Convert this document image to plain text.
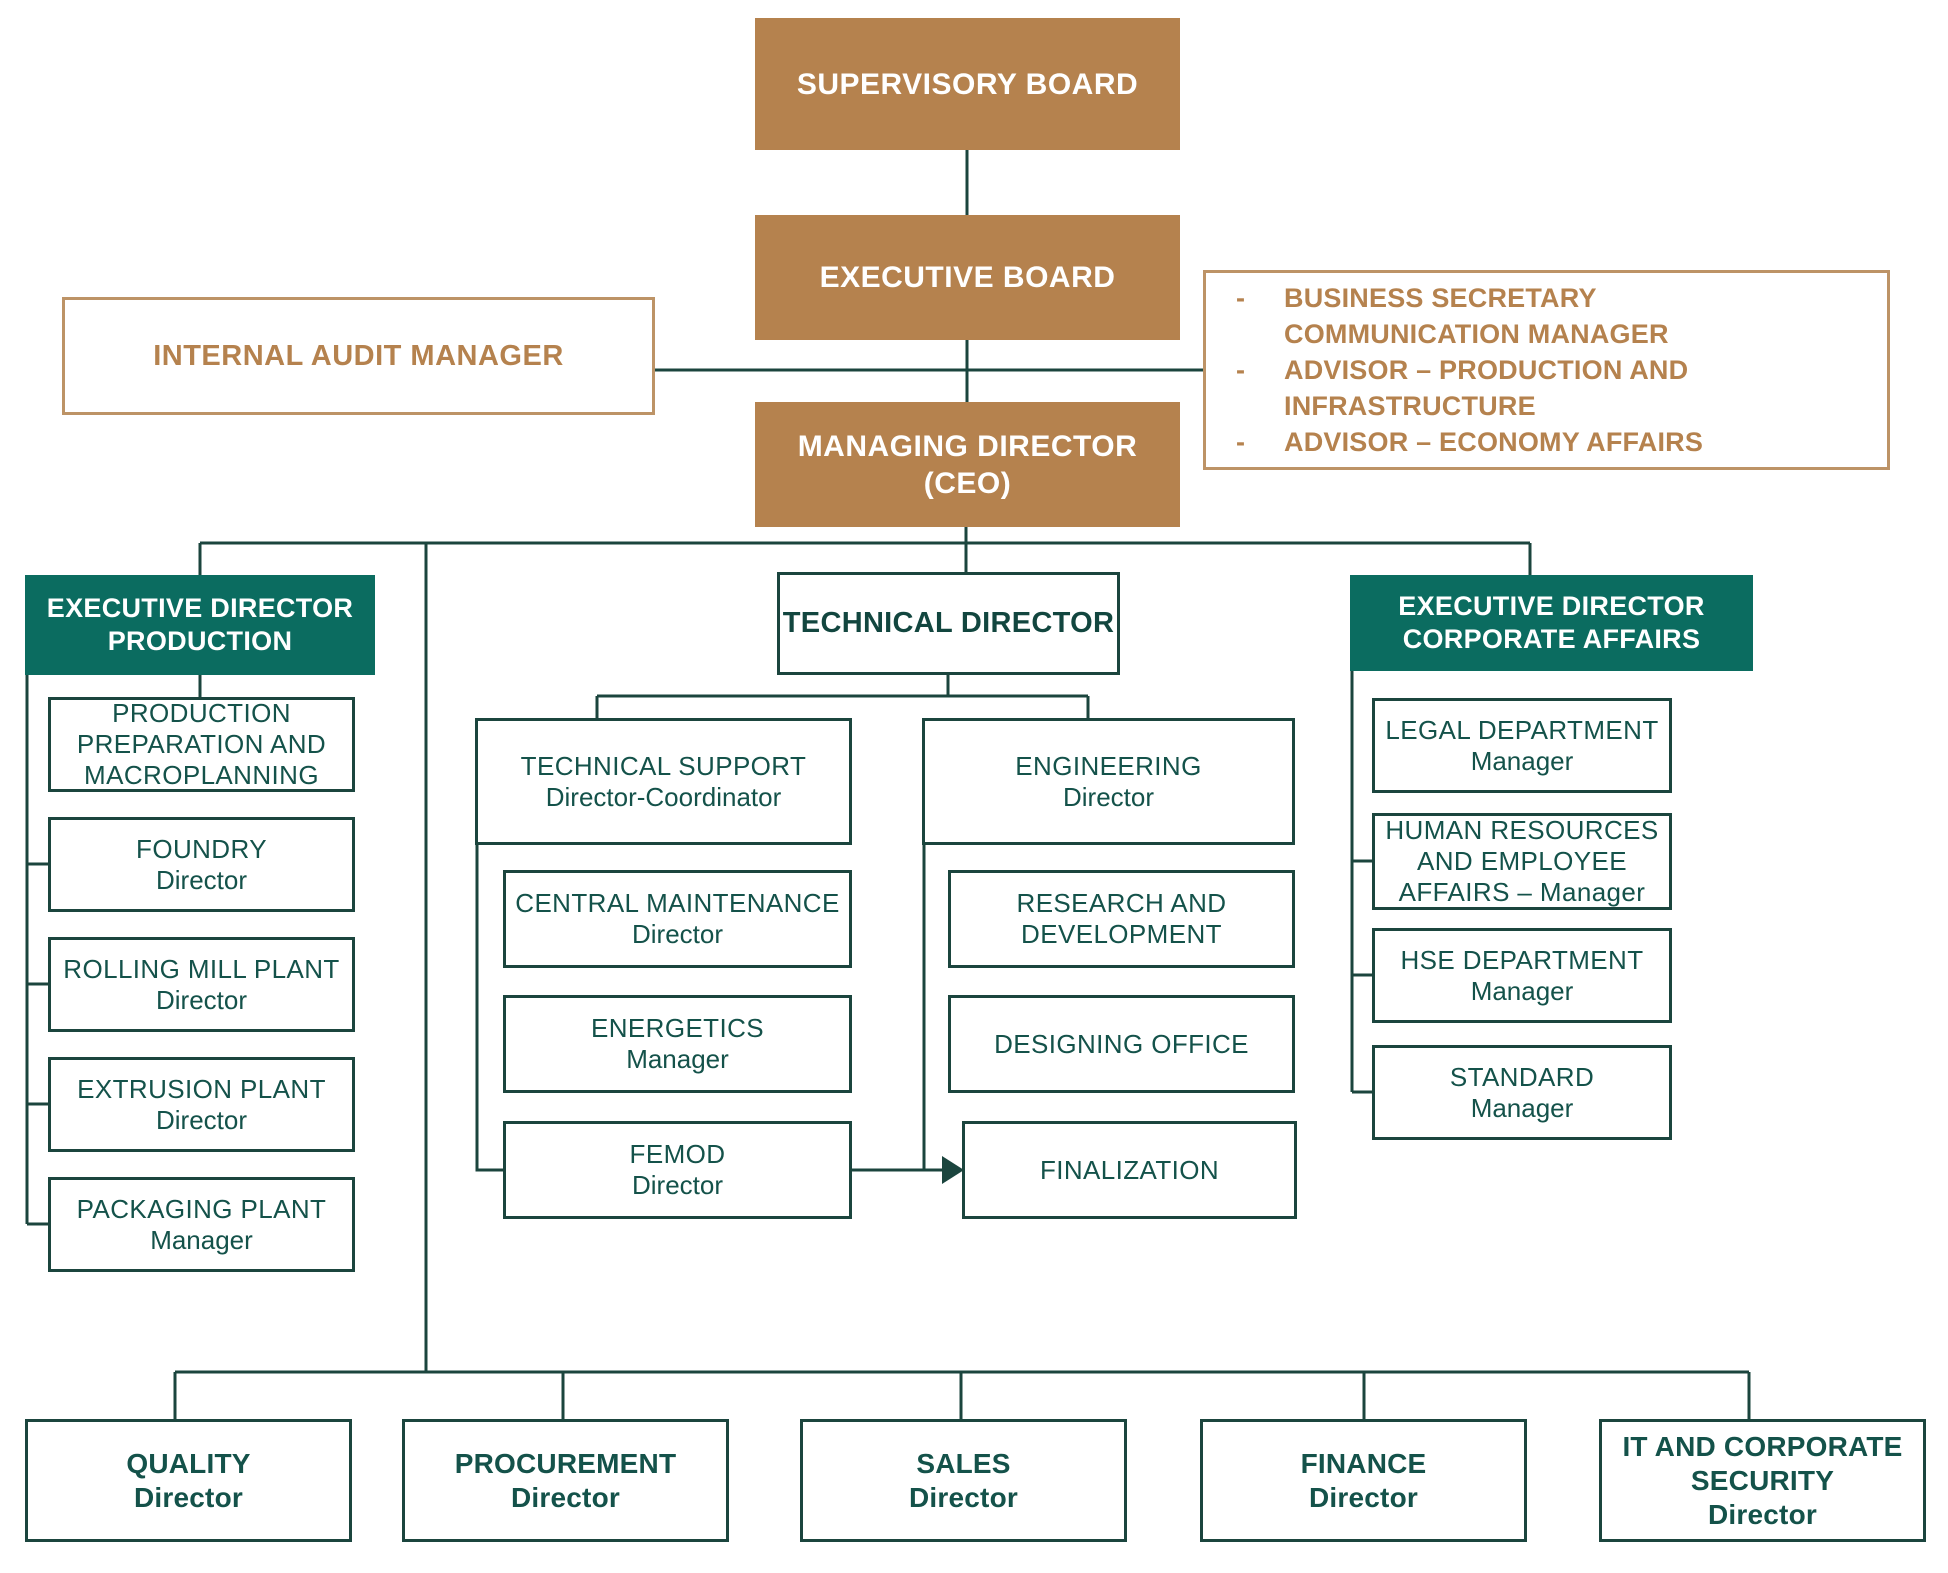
SUPERVISORY BOARD
EXECUTIVE BOARD
INTERNAL AUDIT MANAGER
-	BUSINESS SECRETARY COMMUNICATION MANAGER
-	ADVISOR – PRODUCTION AND INFRASTRUCTURE
-	ADVISOR – ECONOMY AFFAIRS
MANAGING DIRECTOR
(CEO)
EXECUTIVE DIRECTOR PRODUCTION
PRODUCTION PREPARATION AND MACROPLANNING
FOUNDRY
Director
ROLLING MILL PLANT
Director
EXTRUSION PLANT
Director
PACKAGING PLANT
Manager
TECHNICAL DIRECTOR
TECHNICAL SUPPORT
Director-Coordinator
CENTRAL MAINTENANCE
Director
ENERGETICS
Manager
FEMOD
Director
ENGINEERING
Director
RESEARCH AND DEVELOPMENT
DESIGNING OFFICE
FINALIZATION
EXECUTIVE DIRECTOR CORPORATE AFFAIRS
LEGAL DEPARTMENT
Manager
HUMAN RESOURCES AND EMPLOYEE AFFAIRS – Manager
HSE DEPARTMENT
Manager
STANDARD
Manager
QUALITY
Director
PROCUREMENT
Director
SALES
Director
FINANCE
Director
IT AND CORPORATE SECURITY
Director
